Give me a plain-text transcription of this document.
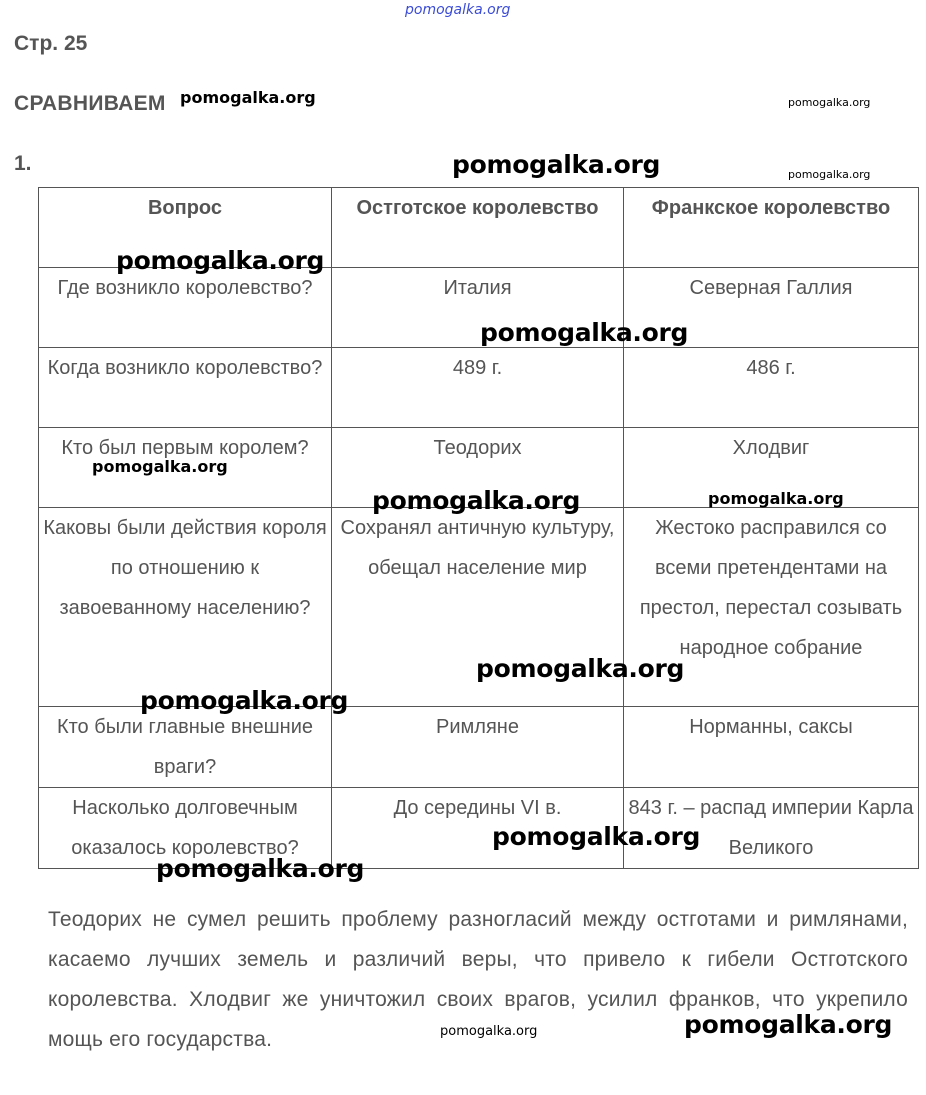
Стр. 25
СРАВНИВАЕМ
1.
Вопрос	Остготское королевство	Франкское королевство
Где возникло королевство?	Италия	Северная Галлия
Когда возникло королевство?	489 г.	486 г.
Кто был первым королем?	Теодорих	Хлодвиг
Каковы были действия короля по отношению к завоеванному населению?	Сохранял античную культуру, обещал население мир	Жестоко расправился со всеми претендентами на престол, перестал созывать народное собрание
Кто были главные внешние враги?	Римляне	Норманны, саксы
Насколько долговечным оказалось королевство?	До середины VI в.	843 г. – распад империи Карла Великого
Теодорих не сумел решить проблему разногласий между остготами и римлянами, касаемо лучших земель и различий веры, что привело к гибели Остготского королевства. Хлодвиг же уничтожил своих врагов, усилил франков, что укрепило мощь его государства.
pomogalka.org
pomogalka.org	pomogalka.org
pomogalka.org	pomogalka.org
pomogalka.org
pomogalka.org
pomogalka.org
pomogalka.org	pomogalka.org
pomogalka.org
pomogalka.org
pomogalka.org
pomogalka.org
pomogalka.org
pomogalka.org
